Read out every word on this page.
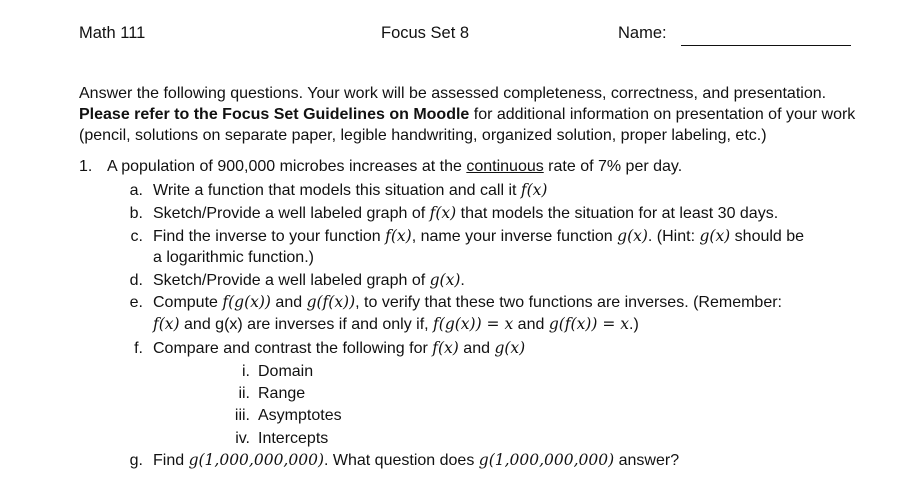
Math 111	Focus Set 8	Name:
Answer the following questions. Your work will be assessed completeness, correctness, and presentation.
Please refer to the Focus Set Guidelines on Moodle for additional information on presentation of your work
(pencil, solutions on separate paper, legible handwriting, organized solution, proper labeling, etc.)
1. A population of 900,000 microbes increases at the continuous rate of 7% per day.
a. Write a function that models this situation and call it f(x)
b. Sketch/Provide a well labeled graph of f(x) that models the situation for at least 30 days.
c. Find the inverse to your function f(x), name your inverse function g(x). (Hint: g(x) should be
a logarithmic function.)
d. Sketch/Provide a well labeled graph of g(x).
e. Compute f(g(x)) and g(f(x)), to verify that these two functions are inverses. (Remember:
f(x) and g(x) are inverses if and only if, f(g(x)) = x and g(f(x)) = x.)
f. Compare and contrast the following for f(x) and g(x)
i. Domain
ii. Range
iii. Asymptotes
iv. Intercepts
g. Find g(1,000,000,000). What question does g(1,000,000,000) answer?
